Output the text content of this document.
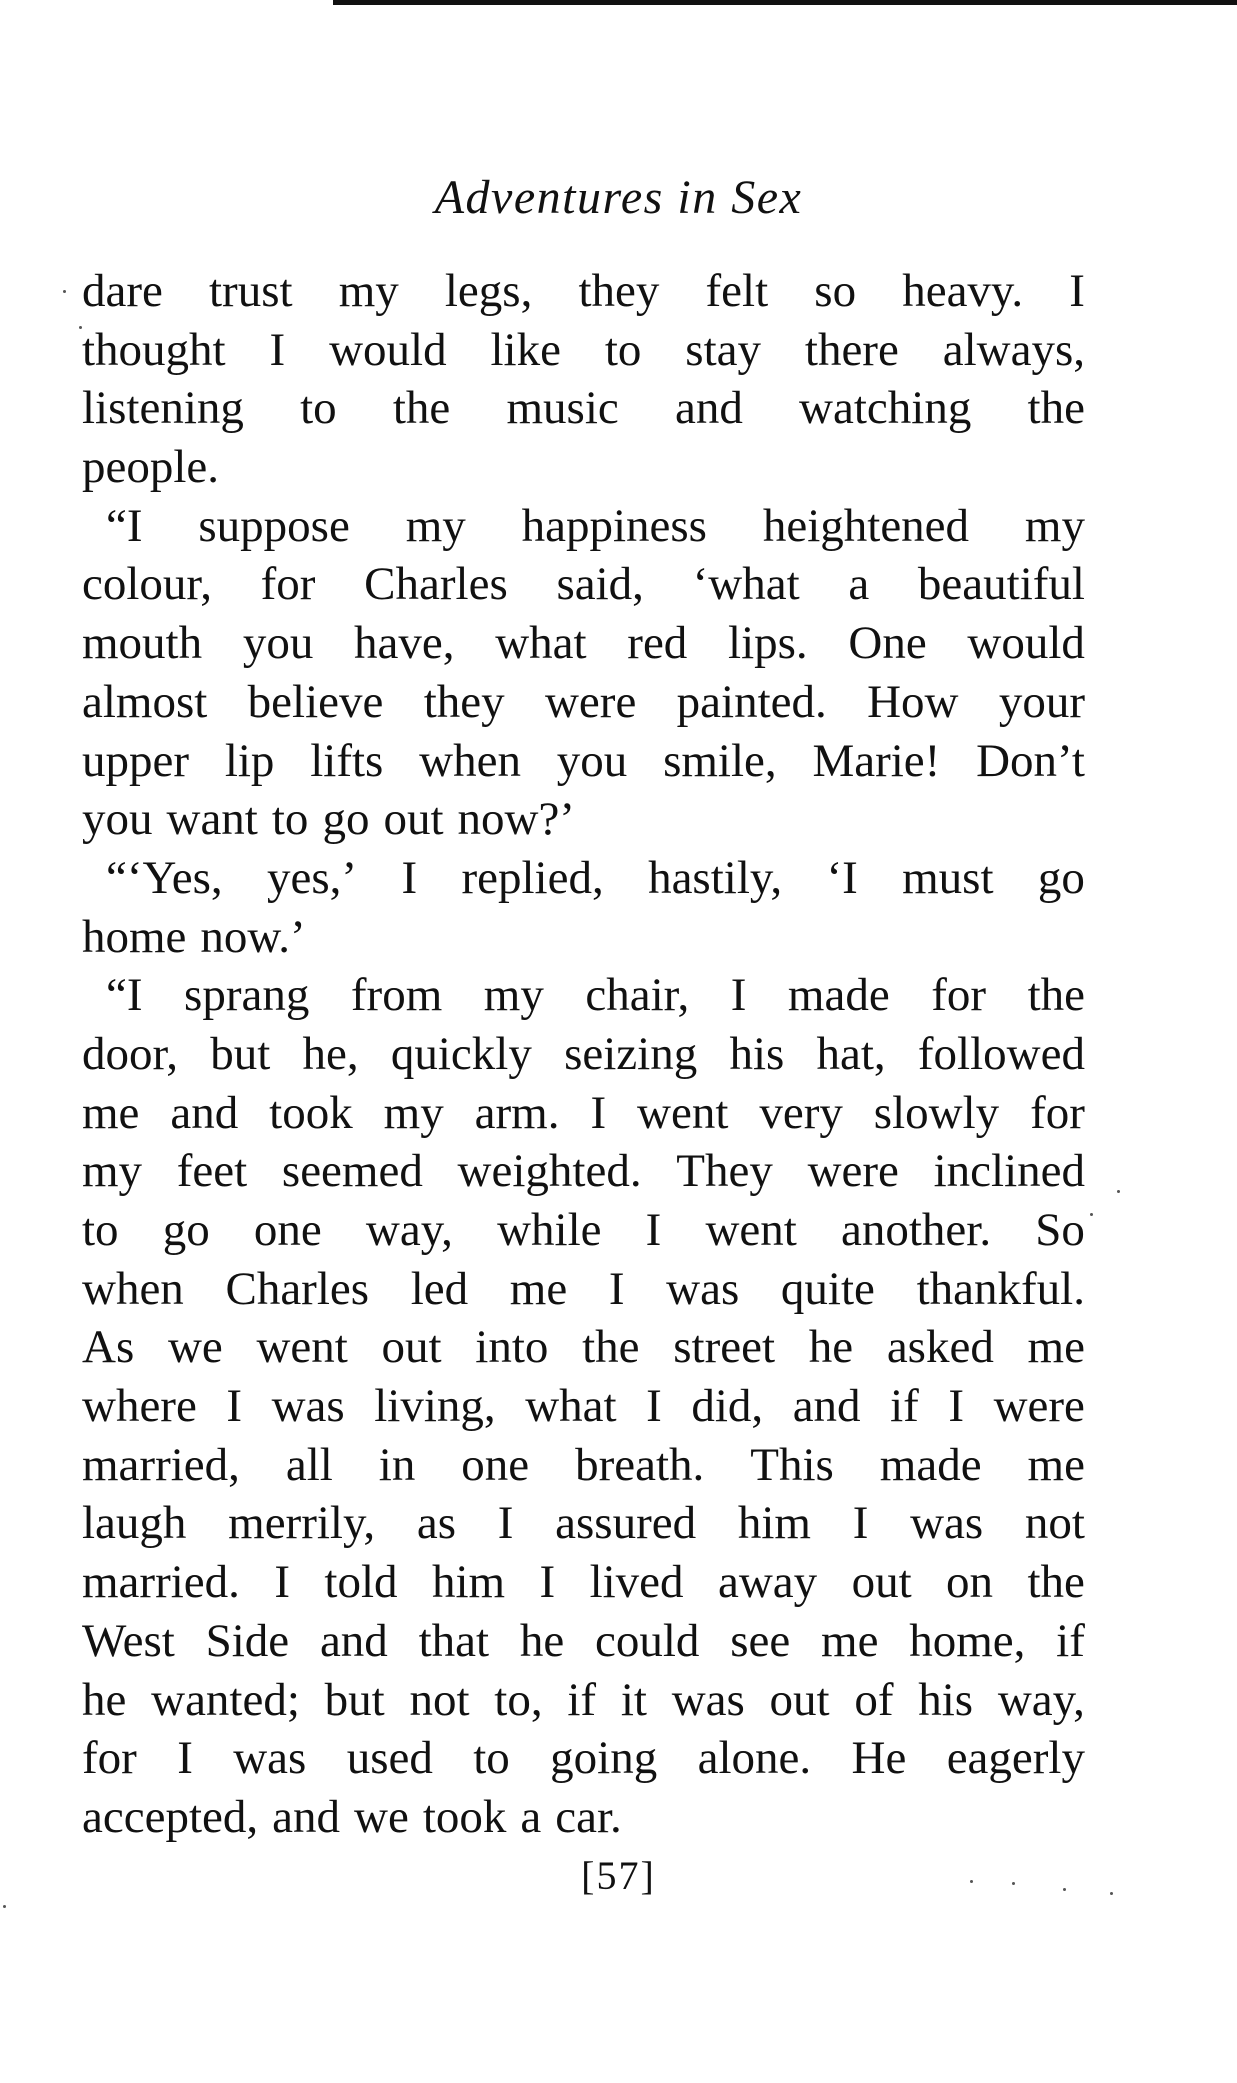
Adventures in Sex
dare trust my legs, they felt so heavy. I
thought I would like to stay there always,
listening to the music and watching the
people.
“I suppose my happiness heightened my
colour, for Charles said, ‘what a beautiful
mouth you have, what red lips. One would
almost believe they were painted. How your
upper lip lifts when you smile, Marie! Don’t
you want to go out now?’
“‘Yes, yes,’ I replied, hastily, ‘I must go
home now.’
“I sprang from my chair, I made for the
door, but he, quickly seizing his hat, followed
me and took my arm. I went very slowly for
my feet seemed weighted. They were inclined
to go one way, while I went another. So
when Charles led me I was quite thankful.
As we went out into the street he asked me
where I was living, what I did, and if I were
married, all in one breath. This made me
laugh merrily, as I assured him I was not
married. I told him I lived away out on the
West Side and that he could see me home, if
he wanted; but not to, if it was out of his way,
for I was used to going alone. He eagerly
accepted, and we took a car.
[57]
